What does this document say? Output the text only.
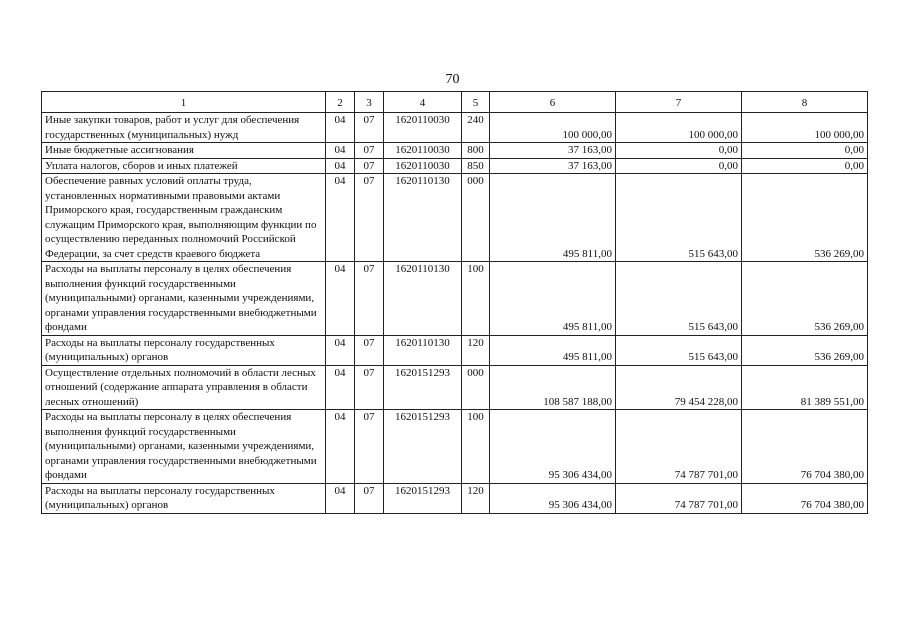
70
1	2	3	4	5	6	7	8
Иные закупки товаров, работ и услуг для обеспечения государственных (муниципальных) нужд	04	07	1620110030	240	100 000,00	100 000,00	100 000,00
Иные бюджетные ассигнования	04	07	1620110030	800	37 163,00	0,00	0,00
Уплата налогов, сборов и иных платежей	04	07	1620110030	850	37 163,00	0,00	0,00
Обеспечение равных условий оплаты труда, установленных нормативными правовыми актами Приморского края, государственным гражданским служащим Приморского края, выполняющим функции по осуществлению переданных полномочий Российской Федерации, за счет средств краевого бюджета	04	07	1620110130	000	495 811,00	515 643,00	536 269,00
Расходы на выплаты персоналу в целях обеспечения выполнения функций государственными (муниципальными) органами, казенными учреждениями, органами управления государственными внебюджетными фондами	04	07	1620110130	100	495 811,00	515 643,00	536 269,00
Расходы на выплаты персоналу государственных (муниципальных) органов	04	07	1620110130	120	495 811,00	515 643,00	536 269,00
Осуществление отдельных полномочий в области лесных отношений (содержание аппарата управления в области лесных отношений)	04	07	1620151293	000	108 587 188,00	79 454 228,00	81 389 551,00
Расходы на выплаты персоналу в целях обеспечения выполнения функций государственными (муниципальными) органами, казенными учреждениями, органами управления государственными внебюджетными фондами	04	07	1620151293	100	95 306 434,00	74 787 701,00	76 704 380,00
Расходы на выплаты персоналу государственных (муниципальных) органов	04	07	1620151293	120	95 306 434,00	74 787 701,00	76 704 380,00
